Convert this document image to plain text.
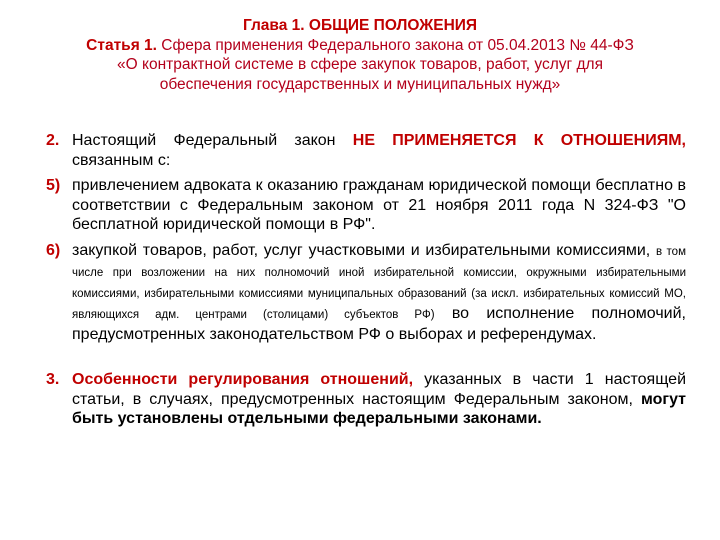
Глава 1. ОБЩИЕ ПОЛОЖЕНИЯ
Статья 1. Сфера применения Федерального закона от 05.04.2013 № 44-ФЗ
«О контрактной системе в сфере закупок товаров, работ, услуг для
обеспечения государственных и муниципальных нужд»
2. Настоящий Федеральный закон НЕ ПРИМЕНЯЕТСЯ К ОТНОШЕНИЯМ, связанным с:
5) привлечением адвоката к оказанию гражданам юридической помощи бесплатно в соответствии с Федеральным законом от 21 ноября 2011 года N 324-ФЗ "О бесплатной юридической помощи в РФ".
6) закупкой товаров, работ, услуг участковыми и избирательными комиссиями, в том числе при возложении на них полномочий иной избирательной комиссии, окружными избирательными комиссиями, избирательными комиссиями муниципальных образований (за искл. избирательных комиссий МО, являющихся адм. центрами (столицами) субъектов РФ) во исполнение полномочий, предусмотренных законодательством РФ о выборах и референдумах.
3. Особенности регулирования отношений, указанных в части 1 настоящей статьи, в случаях, предусмотренных настоящим Федеральным законом, могут быть установлены отдельными федеральными законами.
